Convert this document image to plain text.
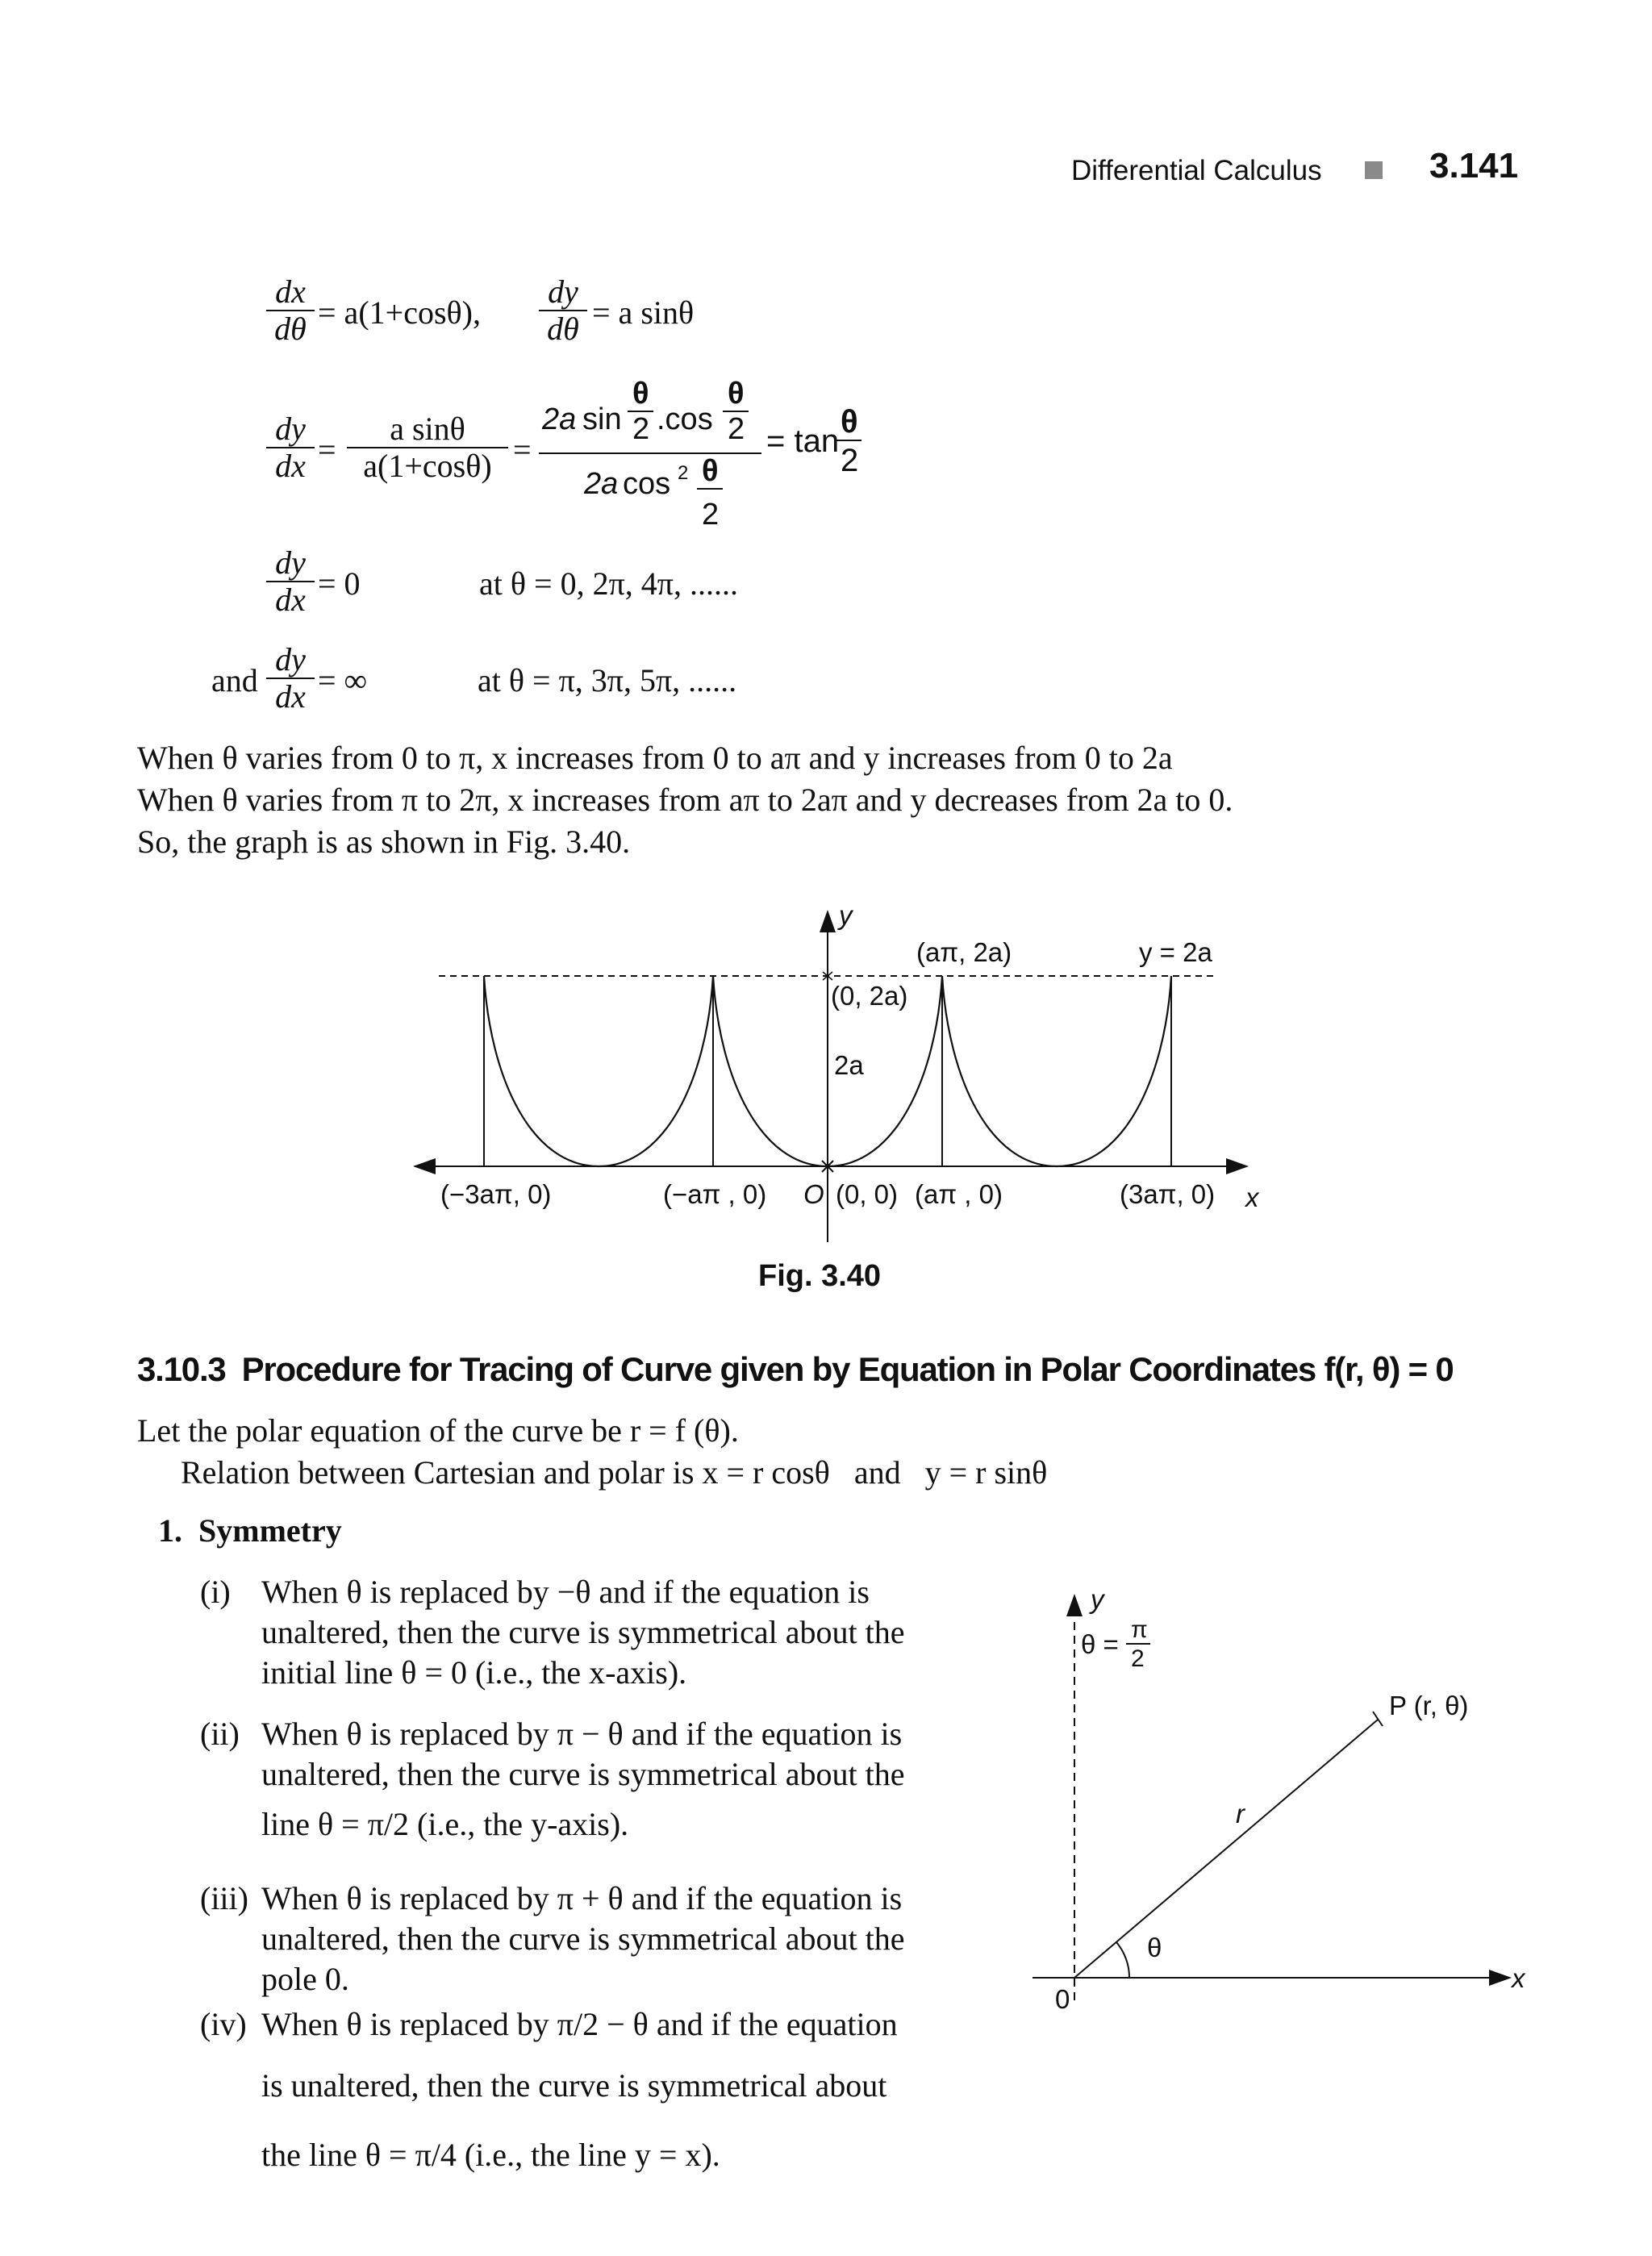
Differential Calculus	3.141
$\frac{dx}{d\theta} = a(1+\cos\theta)$, $\frac{dy}{d\theta} = a$ sinθ
$\frac{dy}{dx} = \frac{\text{a sinθ}}{a(1+\cos\theta)}$ =
2a sin
θ
2 .cos
θ
2
2a cos 2 θ
2
= tan
θ
2
$\frac{dy}{dx} = 0$	at θ = 0, 2π, 4π, ......
and $\frac{dy}{dx}$ = ∞	at θ = π, 3π, 5π, ......
When θ varies from 0 to π, x increases from 0 to aπ and y increases from 0 to 2a
When θ varies from π to 2π, x increases from aπ to 2aπ and y decreases from 2a to 0.
So, the graph is as shown in Fig. 3.40.
y
(aπ, 2a)	y = 2a
(0, 2a)
2a
(−3aπ, 0)	(−aπ , 0) O (0, 0) (aπ , 0)	(3aπ, 0) x
Fig. 3.40
3.10.3 Procedure for Tracing of Curve given by Equation in Polar Coordinates f(r, θ) = 0
Let the polar equation of the curve be r = f (θ).
Relation between Cartesian and polar is x = r cosθ   and   y = r sinθ
1.  Symmetry
(i) When θ is replaced by −θ and if the equation is
unaltered, then the curve is symmetrical about the
initial line θ = 0 (i.e., the x-axis).
(ii) When θ is replaced by π − θ and if the equation is
unaltered, then the curve is symmetrical about the
line θ = π/2 (i.e., the y-axis).
(iii) When θ is replaced by π + θ and if the equation is
unaltered, then the curve is symmetrical about the
pole 0.
(iv) When θ is replaced by π/2 − θ and if the equation
is unaltered, then the curve is symmetrical about
the line θ = π/4 (i.e., the line y = x).
y
θ = π
2
P (r, θ)
r
θ
0
x
